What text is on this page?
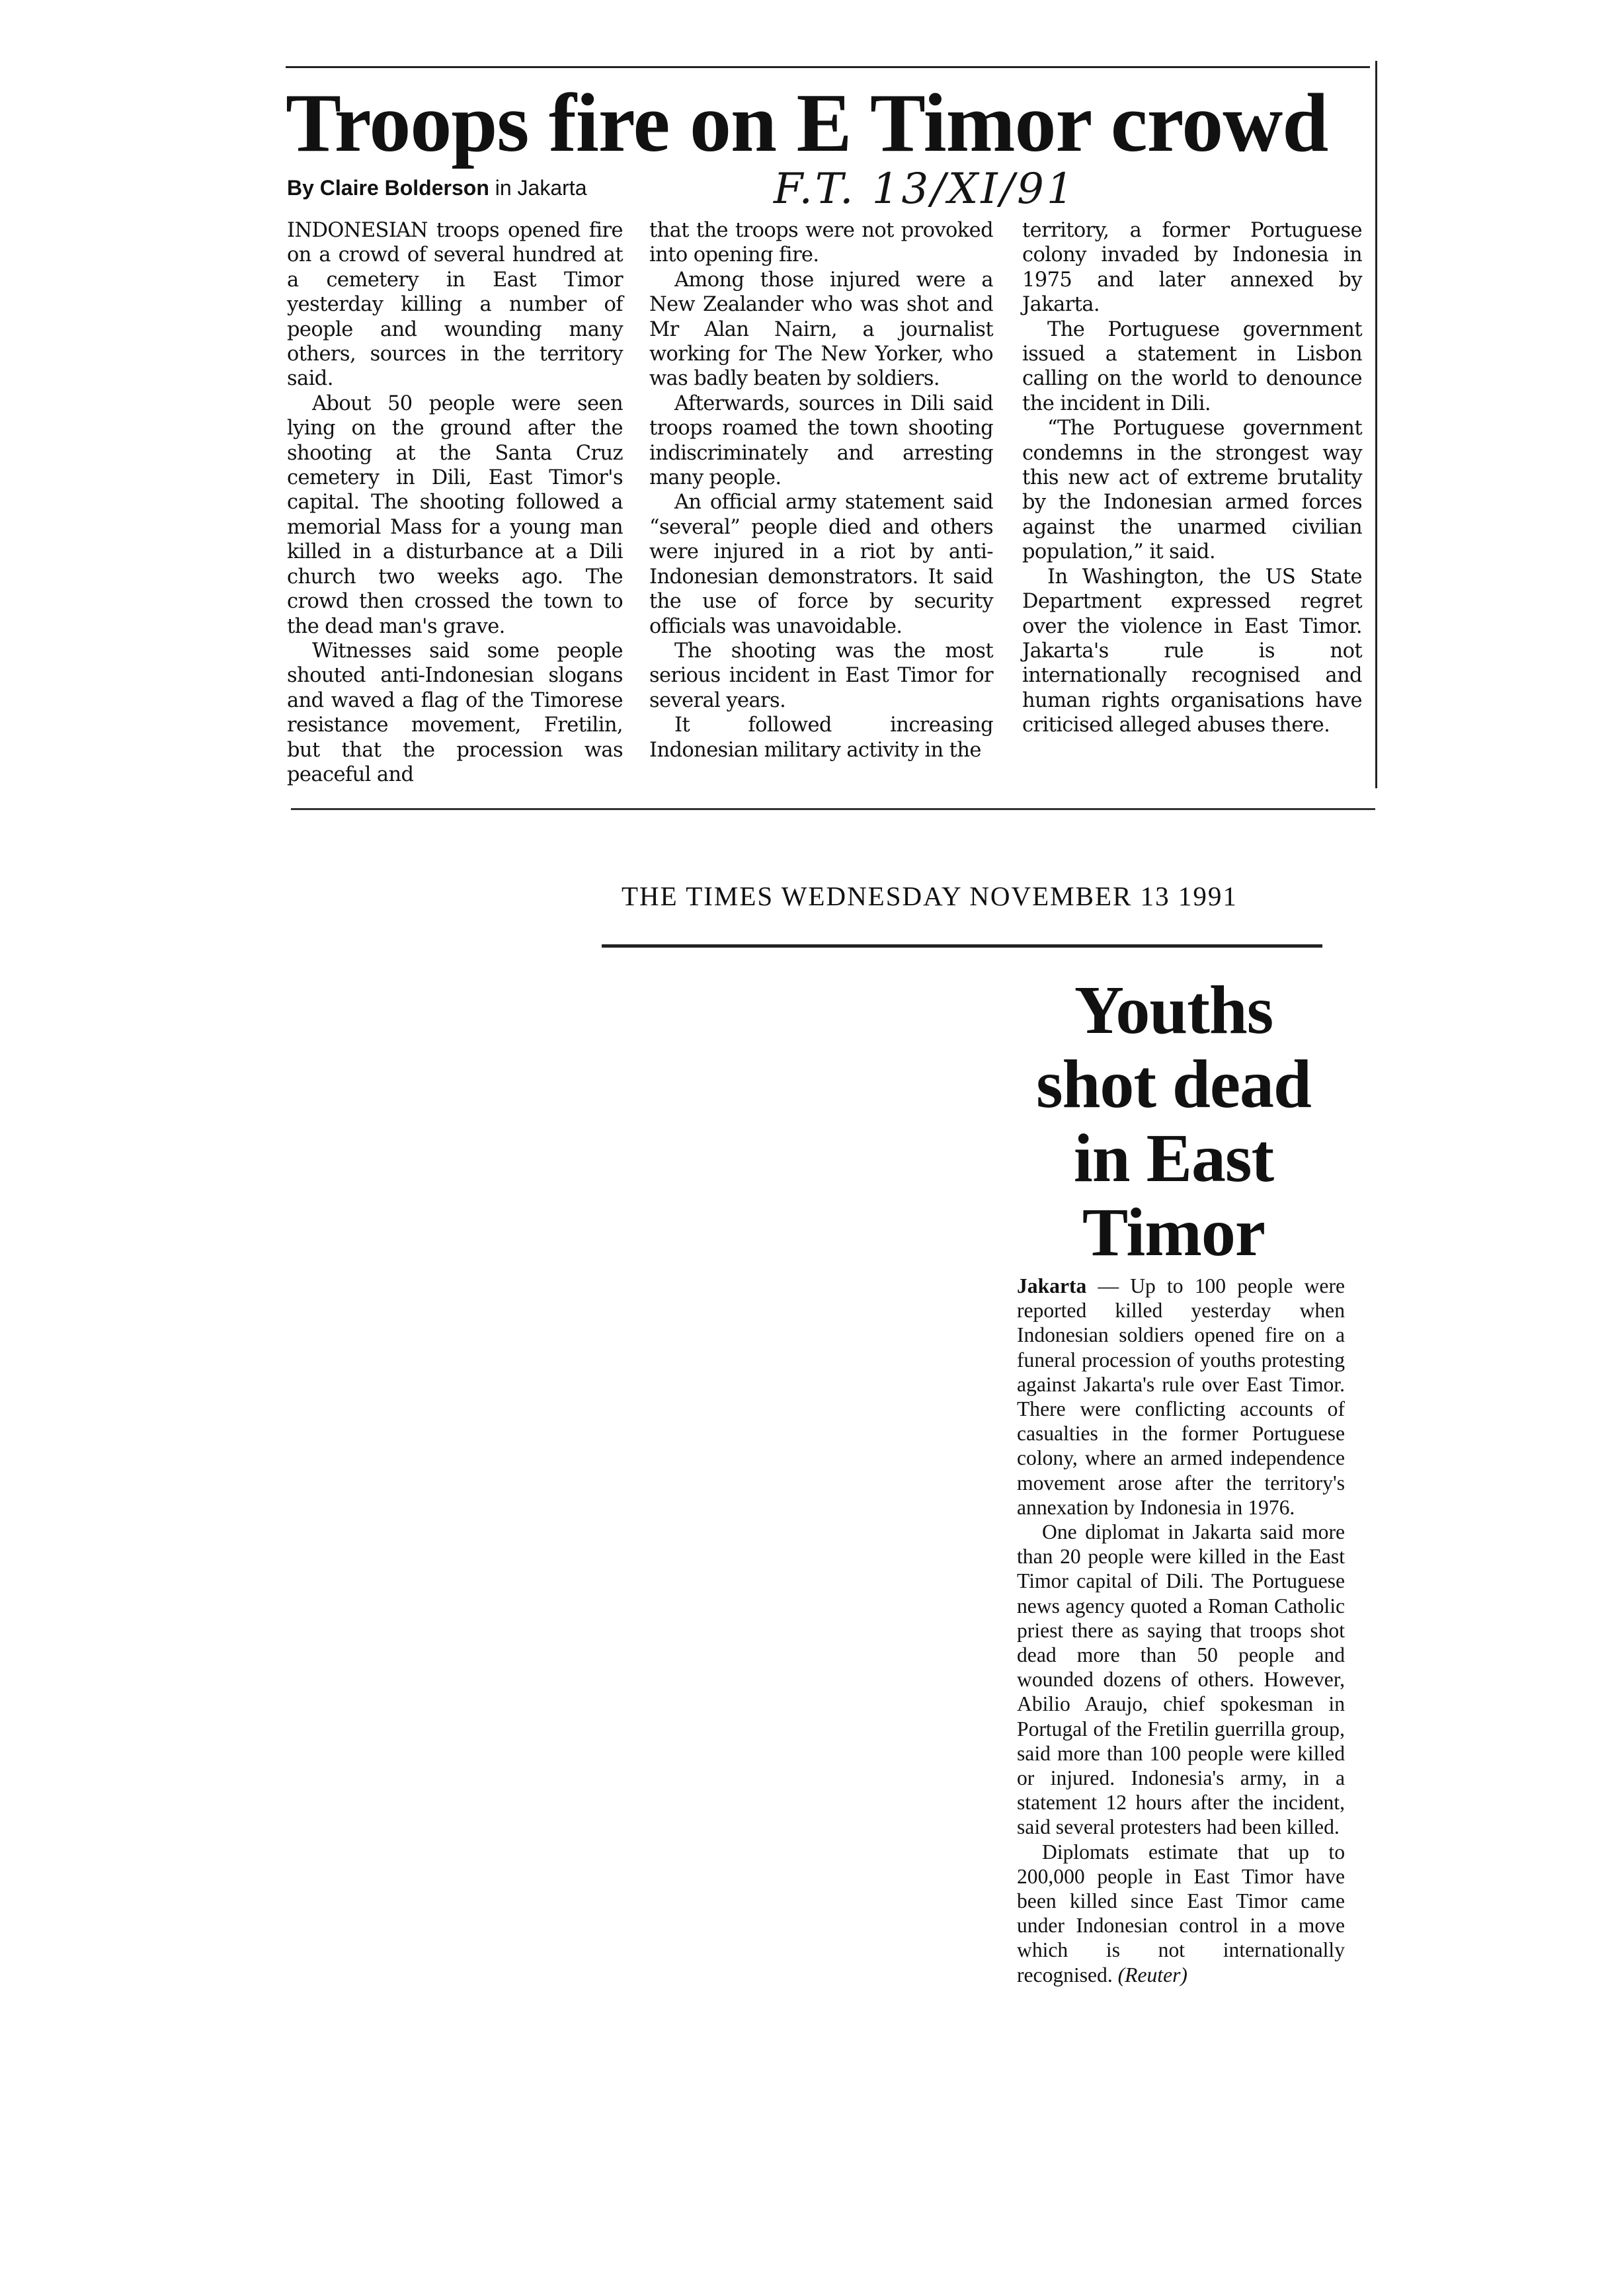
Troops fire on E Timor crowd
By Claire Bolderson in Jakarta	F.T. 13/XI/91

INDONESIAN troops opened fire on a crowd of several hundred at a cemetery in East Timor yesterday killing a number of people and wounding many others, sources in the territory said.

About 50 people were seen lying on the ground after the shooting at the Santa Cruz cemetery in Dili, East Timor's capital. The shooting followed a memorial Mass for a young man killed in a disturbance at a Dili church two weeks ago. The crowd then crossed the town to the dead man's grave.

Witnesses said some people shouted anti-Indonesian slogans and waved a flag of the Timorese resistance movement, Fretilin, but that the procession was peaceful and

that the troops were not provoked into opening fire.

Among those injured were a New Zealander who was shot and Mr Alan Nairn, a journalist working for The New Yorker, who was badly beaten by soldiers.

Afterwards, sources in Dili said troops roamed the town shooting indiscriminately and arresting many people.

An official army statement said “several” people died and others were injured in a riot by anti-Indonesian demonstrators. It said the use of force by security officials was unavoidable.

The shooting was the most serious incident in East Timor for several years.

It followed increasing Indonesian military activity in the

territory, a former Portuguese colony invaded by Indonesia in 1975 and later annexed by Jakarta.

The Portuguese government issued a statement in Lisbon calling on the world to denounce the incident in Dili.

“The Portuguese government condemns in the strongest way this new act of extreme brutality by the Indonesian armed forces against the unarmed civilian population,” it said.

In Washington, the US State Department expressed regret over the violence in East Timor. Jakarta's rule is not internationally recognised and human rights organisations have criticised alleged abuses there.

THE TIMES WEDNESDAY NOVEMBER 13 1991
Youths shot dead in East Timor

Jakarta — Up to 100 people were reported killed yesterday when Indonesian soldiers opened fire on a funeral procession of youths protesting against Jakarta's rule over East Timor. There were conflicting accounts of casualties in the former Portuguese colony, where an armed independence movement arose after the territory's annexation by Indonesia in 1976.

One diplomat in Jakarta said more than 20 people were killed in the East Timor capital of Dili. The Portuguese news agency quoted a Roman Catholic priest there as saying that troops shot dead more than 50 people and wounded dozens of others. However, Abilio Araujo, chief spokesman in Portugal of the Fretilin guerrilla group, said more than 100 people were killed or injured. Indonesia's army, in a statement 12 hours after the incident, said several protesters had been killed.

Diplomats estimate that up to 200,000 people in East Timor have been killed since East Timor came under Indonesian control in a move which is not internationally recognised. (Reuter)
